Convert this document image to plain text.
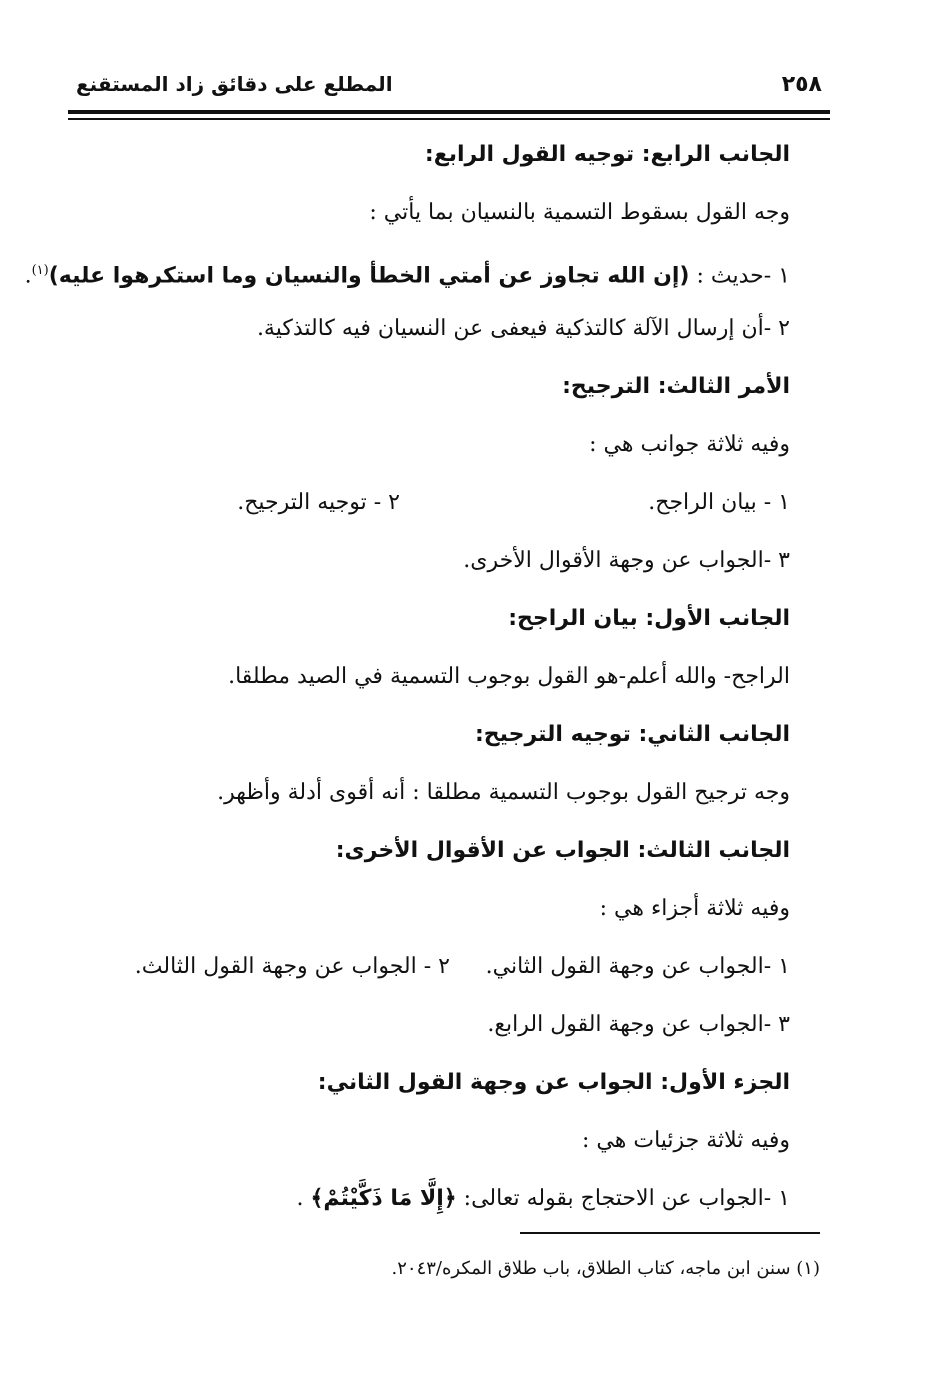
٢٥٨
المطلع على دقائق زاد المستقنع
الجانب الرابع: توجيه القول الرابع:
وجه القول بسقوط التسمية بالنسيان بما يأتي :
١ -حديث : (إن الله تجاوز عن أمتي الخطأ والنسيان وما استكرهوا عليه)$^{(١)}$.
٢ -أن إرسال الآلة كالتذكية فيعفى عن النسيان فيه كالتذكية.
الأمر الثالث: الترجيح:
وفيه ثلاثة جوانب هي :
١ - بيان الراجح.
٢ - توجيه الترجيح.
٣ -الجواب عن وجهة الأقوال الأخرى.
الجانب الأول: بيان الراجح:
الراجح- والله أعلم-هو القول بوجوب التسمية في الصيد مطلقا.
الجانب الثاني: توجيه الترجيح:
وجه ترجيح القول بوجوب التسمية مطلقا : أنه أقوى أدلة وأظهر.
الجانب الثالث: الجواب عن الأقوال الأخرى:
وفيه ثلاثة أجزاء هي :
١ -الجواب عن وجهة القول الثاني.
٢ - الجواب عن وجهة القول الثالث.
٣ -الجواب عن وجهة القول الرابع.
الجزء الأول: الجواب عن وجهة القول الثاني:
وفيه ثلاثة جزئيات هي :
١ -الجواب عن الاحتجاج بقوله تعالى: ﴿إِلَّا مَا ذَكَّيْتُمْ﴾ .
(١) سنن ابن ماجه، كتاب الطلاق، باب طلاق المكره/٢٠٤٣.
